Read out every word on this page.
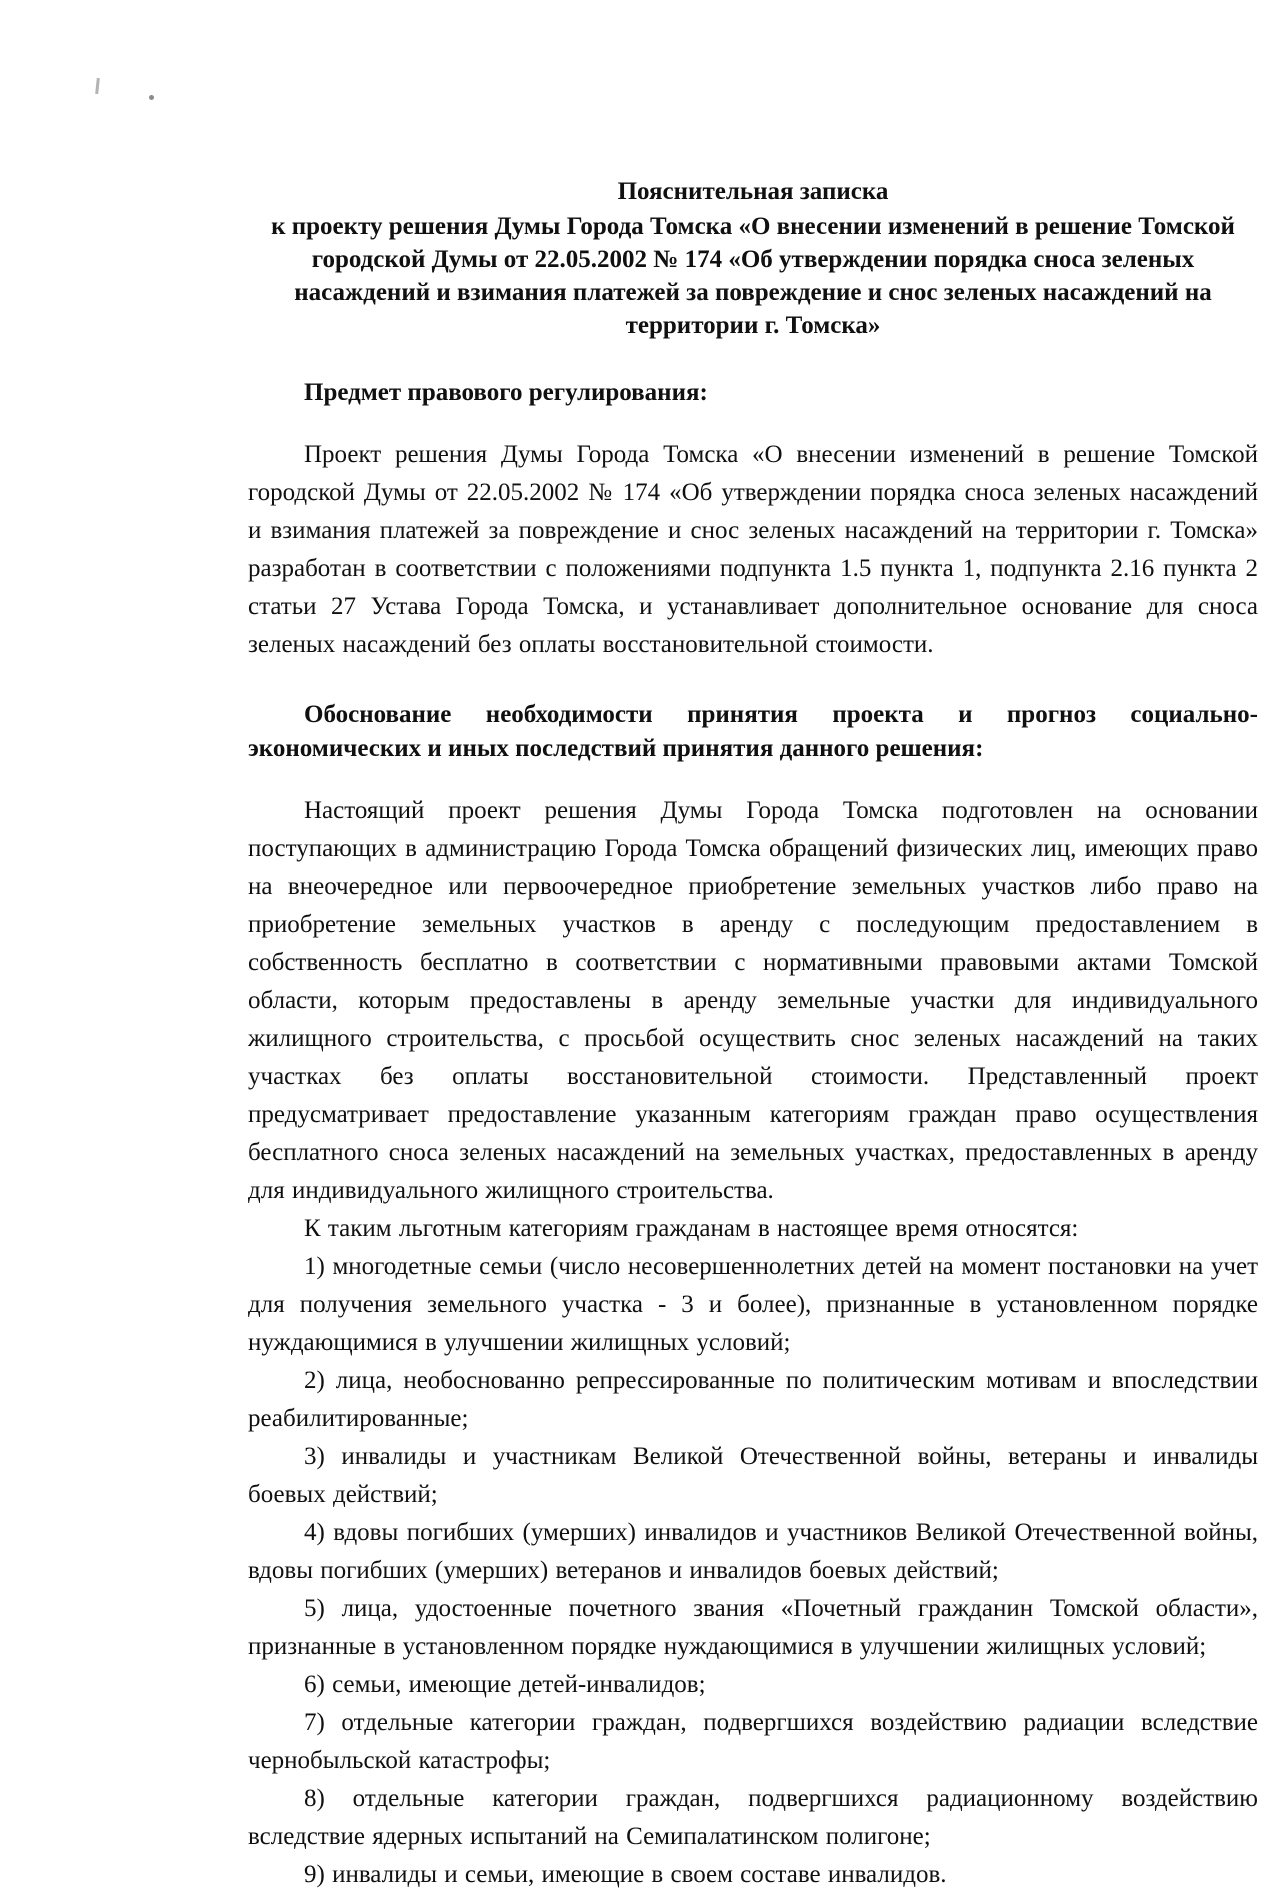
Пояснительная записка
к проекту решения Думы Города Томска «О внесении изменений в решение Томской
городской Думы от 22.05.2002 № 174 «Об утверждении порядка сноса зеленых
насаждений и взимания платежей за повреждение и снос зеленых насаждений на
территории г. Томска»
Предмет правового регулирования:
Проект решения Думы Города Томска «О внесении изменений в решение Томской городской Думы от 22.05.2002 № 174 «Об утверждении порядка сноса зеленых насаждений и взимания платежей за повреждение и снос зеленых насаждений на территории г. Томска» разработан в соответствии с положениями подпункта 1.5 пункта 1, подпункта 2.16 пункта 2 статьи 27 Устава Города Томска, и устанавливает дополнительное основание для сноса зеленых насаждений без оплаты восстановительной стоимости.
Обоснование необходимости принятия проекта и прогноз социально- экономических и иных последствий принятия данного решения:
Настоящий проект решения Думы Города Томска подготовлен на основании поступающих в администрацию Города Томска обращений физических лиц, имеющих право на внеочередное или первоочередное приобретение земельных участков либо право на приобретение земельных участков в аренду с последующим предоставлением в собственность бесплатно в соответствии с нормативными правовыми актами Томской области, которым предоставлены в аренду земельные участки для индивидуального жилищного строительства, с просьбой осуществить снос зеленых насаждений на таких участках без оплаты восстановительной стоимости. Представленный проект предусматривает предоставление указанным категориям граждан право осуществления бесплатного сноса зеленых насаждений на земельных участках, предоставленных в аренду для индивидуального жилищного строительства.
К таким льготным категориям гражданам в настоящее время относятся:
1) многодетные семьи (число несовершеннолетних детей на момент постановки на учет для получения земельного участка - 3 и более), признанные в установленном порядке нуждающимися в улучшении жилищных условий;
2) лица, необоснованно репрессированные по политическим мотивам и впоследствии реабилитированные;
3) инвалиды и участникам Великой Отечественной войны, ветераны и инвалиды боевых действий;
4) вдовы погибших (умерших) инвалидов и участников Великой Отечественной войны, вдовы погибших (умерших) ветеранов и инвалидов боевых действий;
5) лица, удостоенные почетного звания «Почетный гражданин Томской области», признанные в установленном порядке нуждающимися в улучшении жилищных условий;
6) семьи, имеющие детей-инвалидов;
7) отдельные категории граждан, подвергшихся воздействию радиации вследствие чернобыльской катастрофы;
8) отдельные категории граждан, подвергшихся радиационному воздействию вследствие ядерных испытаний на Семипалатинском полигоне;
9) инвалиды и семьи, имеющие в своем составе инвалидов.
